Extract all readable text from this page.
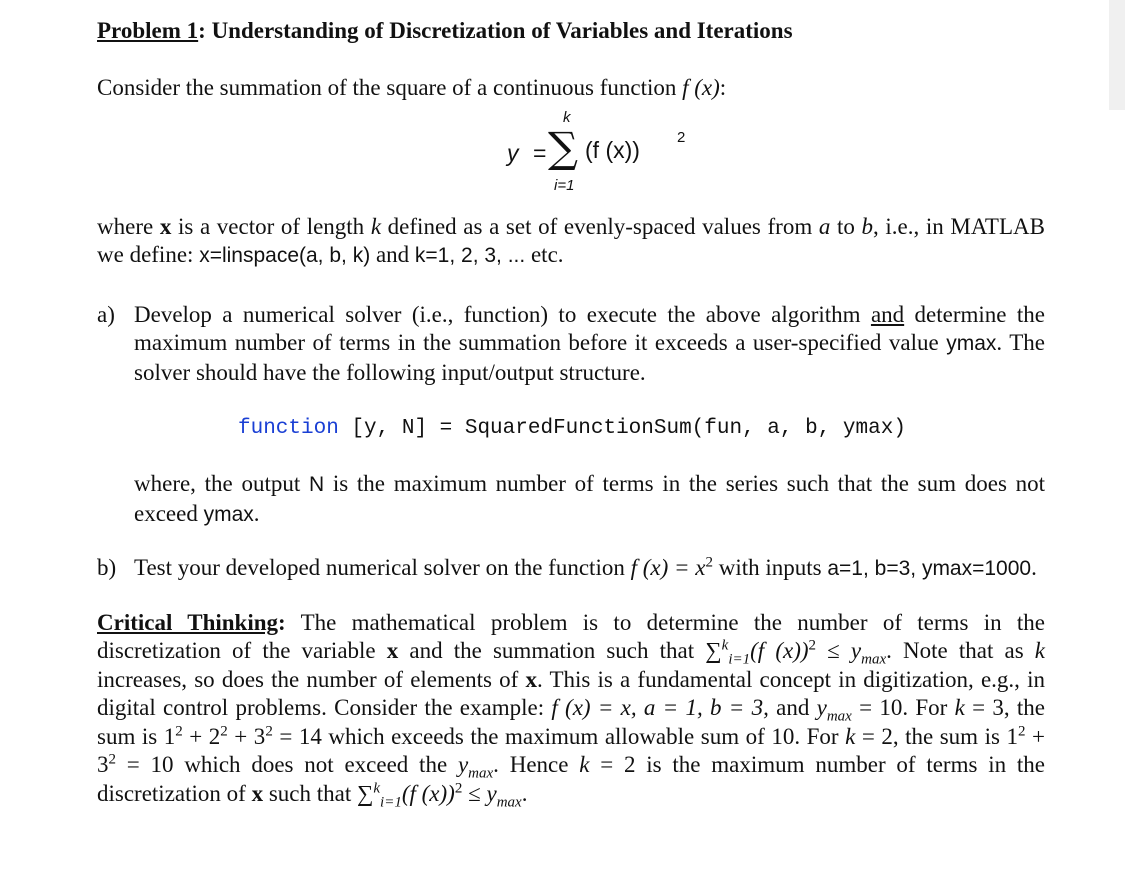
Problem 1: Understanding of Discretization of Variables and Iterations
Consider the summation of the square of a continuous function f (x):
y = ∑
k
i=1
(f (x)) 2
where x is a vector of length k defined as a set of evenly-spaced values from a to b, i.e., in MATLAB we define: x=linspace(a, b, k) and k=1, 2, 3, ... etc.
a) Develop a numerical solver (i.e., function) to execute the above algorithm and determine the maximum number of terms in the summation before it exceeds a user-specified value ymax. The solver should have the following input/output structure.
function [y, N] = SquaredFunctionSum(fun, a, b, ymax)
where, the output N is the maximum number of terms in the series such that the sum does not exceed ymax.
b) Test your developed numerical solver on the function f $(x) = x^2$ with inputs a=1, b=3, ymax=1000.
Critical Thinking: The mathematical problem is to determine the number of terms in the discretization of the variable x and the summation such that ∑$^k_{i=1}$(f $(x))^2 \le y_{max}$. Note that as k increases, so does the number of elements of x. This is a fundamental concept in digitization, e.g., in digital control problems. Consider the example: f (x) = x, a = 1, b = 3, and $y_{max} = 10$. For k = 3, the sum is $1^2 + 2^2 + 3^2 = 14$ which exceeds the maximum allowable sum of 10. For k = 2, the sum is $1^2 + 3^2 = 10$ which does not exceed the $y_{max}$. Hence k = 2 is the maximum number of terms in the discretization of x such that ∑$^k_{i=1}$(f $(x))^2 \le y_{max}$.
